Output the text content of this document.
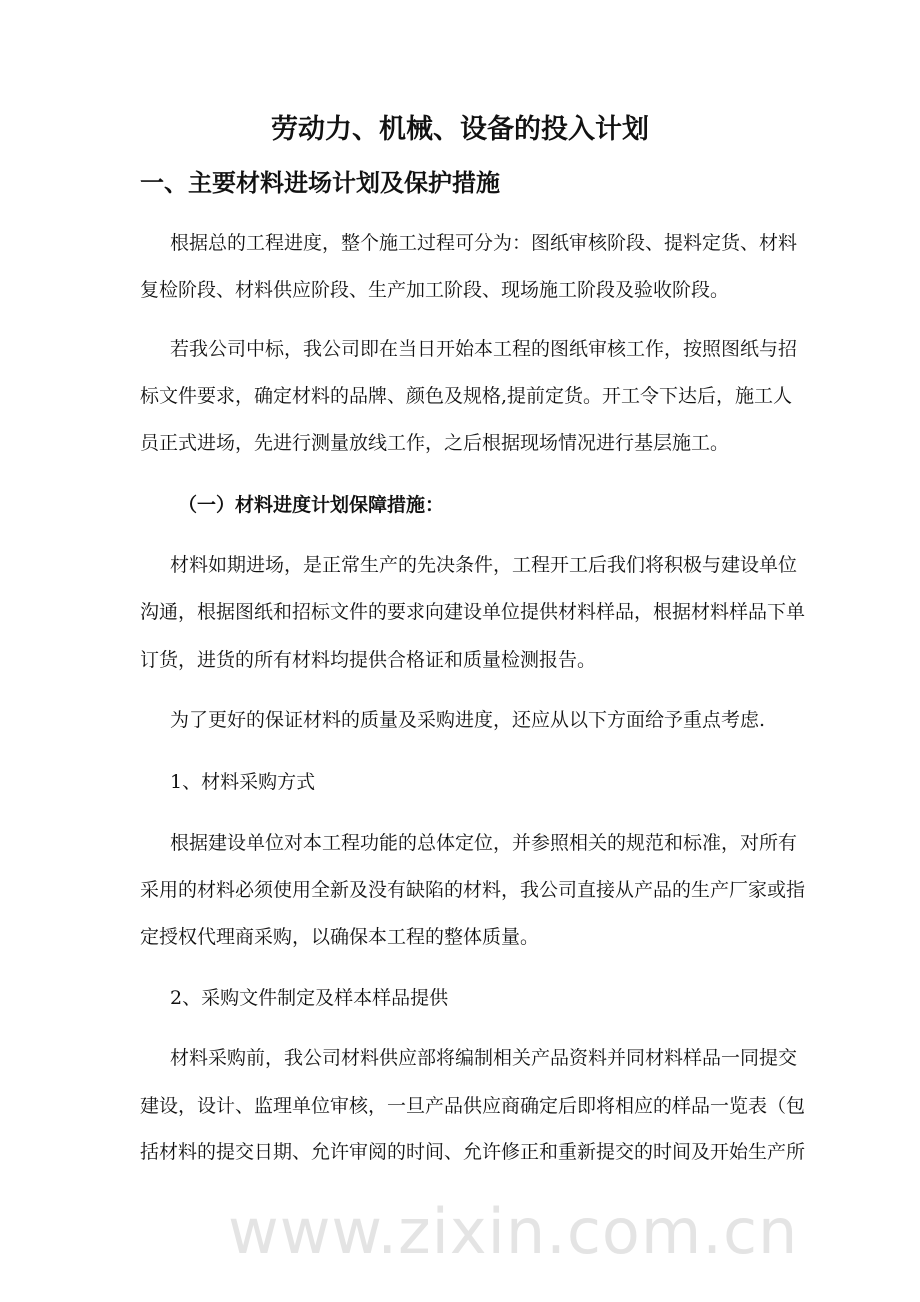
劳动力、机械、设备的投入计划
一、主要材料进场计划及保护措施
（一）材料进度计划保障措施：
根据总的工程进度，整个施工过程可分为：图纸审核阶段、提料定货、材料
复检阶段、材料供应阶段、生产加工阶段、现场施工阶段及验收阶段。
若我公司中标，我公司即在当日开始本工程的图纸审核工作，按照图纸与招
标文件要求，确定材料的品牌、颜色及规格,提前定货。开工令下达后，施工人
员正式进场，先进行测量放线工作，之后根据现场情况进行基层施工。
材料如期进场，是正常生产的先决条件，工程开工后我们将积极与建设单位
沟通，根据图纸和招标文件的要求向建设单位提供材料样品，根据材料样品下单
订货，进货的所有材料均提供合格证和质量检测报告。
为了更好的保证材料的质量及采购进度，还应从以下方面给予重点考虑.
1、材料采购方式
根据建设单位对本工程功能的总体定位，并参照相关的规范和标准，对所有
采用的材料必须使用全新及没有缺陷的材料，我公司直接从产品的生产厂家或指
定授权代理商采购，以确保本工程的整体质量。
2、采购文件制定及样本样品提供
材料采购前，我公司材料供应部将编制相关产品资料并同材料样品一同提交
建设，设计、监理单位审核，一旦产品供应商确定后即将相应的样品一览表（包
括材料的提交日期、允许审阅的时间、允许修正和重新提交的时间及开始生产所
www.zixin.com.cn
